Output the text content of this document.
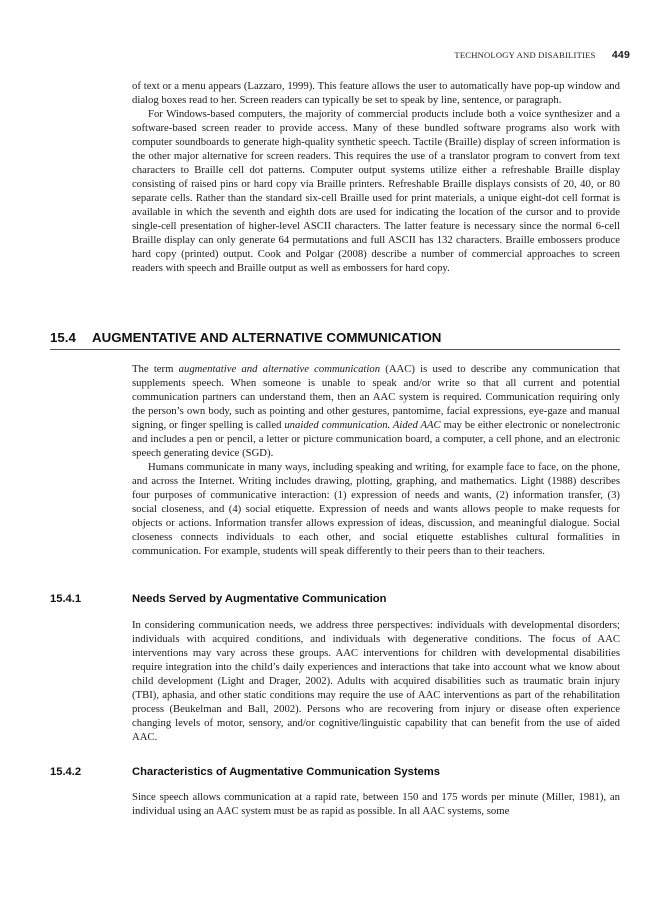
TECHNOLOGY AND DISABILITIES 449

of text or a menu appears (Lazzaro, 1999). This feature allows the user to automatically have pop-up window and dialog boxes read to her. Screen readers can typically be set to speak by line, sentence, or paragraph.

For Windows-based computers, the majority of commercial products include both a voice synthesizer and a software-based screen reader to provide access. Many of these bundled software programs also work with computer soundboards to generate high-quality synthetic speech. Tactile (Braille) display of screen information is the other major alternative for screen readers. This requires the use of a translator program to convert from text characters to Braille cell dot patterns. Computer output systems utilize either a refreshable Braille display consisting of raised pins or hard copy via Braille printers. Refreshable Braille displays consists of 20, 40, or 80 separate cells. Rather than the standard six-cell Braille used for print materials, a unique eight-dot cell format is available in which the seventh and eighth dots are used for indicating the location of the cursor and to provide single-cell presentation of higher-level ASCII characters. The latter feature is necessary since the normal 6-cell Braille display can only generate 64 permutations and full ASCII has 132 characters. Braille embossers produce hard copy (printed) output. Cook and Polgar (2008) describe a number of commercial approaches to screen readers with speech and Braille output as well as embossers for hard copy.

15.4 AUGMENTATIVE AND ALTERNATIVE COMMUNICATION

The term augmentative and alternative communication (AAC) is used to describe any communication that supplements speech. When someone is unable to speak and/or write so that all current and potential communication partners can understand them, then an AAC system is required. Communication requiring only the person’s own body, such as pointing and other gestures, pantomime, facial expressions, eye-gaze and manual signing, or finger spelling is called unaided communication. Aided AAC may be either electronic or nonelectronic and includes a pen or pencil, a letter or picture communication board, a computer, a cell phone, and an electronic speech generating device (SGD).

Humans communicate in many ways, including speaking and writing, for example face to face, on the phone, and across the Internet. Writing includes drawing, plotting, graphing, and mathematics. Light (1988) describes four purposes of communicative interaction: (1) expression of needs and wants, (2) information transfer, (3) social closeness, and (4) social etiquette. Expression of needs and wants allows people to make requests for objects or actions. Information transfer allows expression of ideas, discussion, and meaningful dialogue. Social closeness connects individuals to each other, and social etiquette establishes cultural formalities in communication. For example, students will speak differently to their peers than to their teachers.

15.4.1	Needs Served by Augmentative Communication

In considering communication needs, we address three perspectives: individuals with developmental disorders; individuals with acquired conditions, and individuals with degenerative conditions. The focus of AAC interventions may vary across these groups. AAC interventions for children with developmental disabilities require integration into the child’s daily experiences and interactions that take into account what we know about child development (Light and Drager, 2002). Adults with acquired disabilities such as traumatic brain injury (TBI), aphasia, and other static conditions may require the use of AAC interventions as part of the rehabilitation process (Beukelman and Ball, 2002). Persons who are recovering from injury or disease often experience changing levels of motor, sensory, and/or cognitive/linguistic capability that can benefit from the use of aided AAC.

15.4.2	Characteristics of Augmentative Communication Systems

Since speech allows communication at a rapid rate, between 150 and 175 words per minute (Miller, 1981), an individual using an AAC system must be as rapid as possible. In all AAC systems, some
